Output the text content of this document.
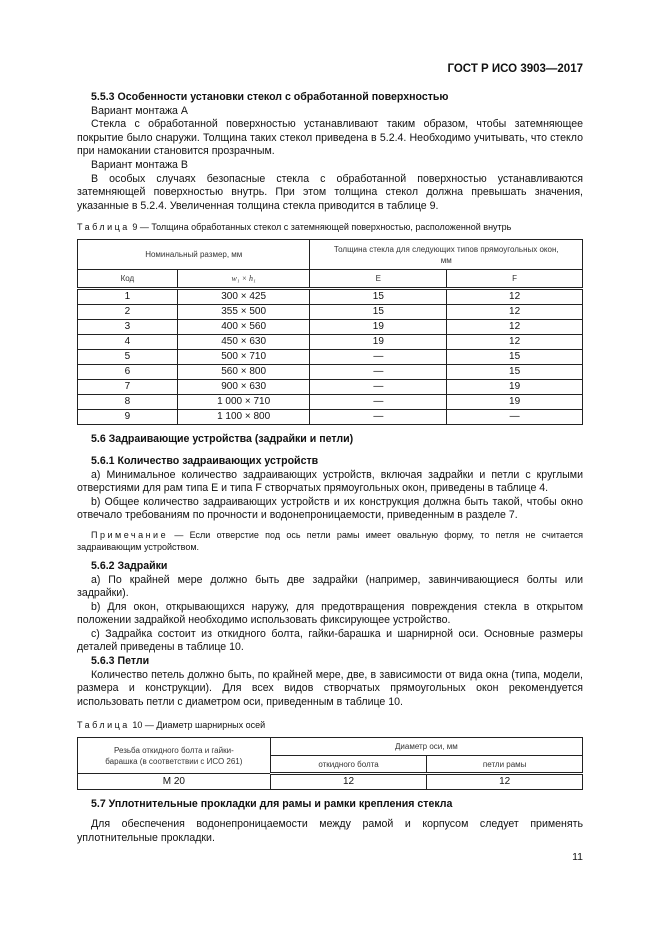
ГОСТ Р ИСО 3903—2017
5.5.3 Особенности установки стекол с обработанной поверхностью

Вариант монтажа А

Стекла с обработанной поверхностью устанавливают таким образом, чтобы затемняющее покрытие было снаружи. Толщина таких стекол приведена в 5.2.4. Необходимо учитывать, что стекло при намокании становится прозрачным.

Вариант монтажа В

В особых случаях безопасные стекла с обработанной поверхностью устанавливаются затемняющей поверхностью внутрь. При этом толщина стекол должна превышать значения, указанные в 5.2.4. Увеличенная толщина стекла приводится в таблице 9.

Таблица 9 — Толщина обработанных стекол с затемняющей поверхностью, расположенной внутрь
Номинальный размер, мм		Толщина стекла для следующих типов прямоугольных окон, мм	
Код	w₁ × h₁	E	F
1	300 × 425	15	12
2	355 × 500	15	12
3	400 × 560	19	12
4	450 × 630	19	12
5	500 × 710	—	15
6	560 × 800	—	15
7	900 × 630	—	19
8	1 000 × 710	—	19
9	1 100 × 800	—	—
5.6 Задраивающие устройства (задрайки и петли)
5.6.1 Количество задраивающих устройств

a) Минимальное количество задраивающих устройств, включая задрайки и петли с круглыми отверстиями для рам типа E и типа F створчатых прямоугольных окон, приведены в таблице 4.

b) Общее количество задраивающих устройств и их конструкция должна быть такой, чтобы окно отвечало требованиям по прочности и водонепроницаемости, приведенным в разделе 7.

Примечание — Если отверстие под ось петли рамы имеет овальную форму, то петля не считается задраивающим устройством.
5.6.2 Задрайки

a) По крайней мере должно быть две задрайки (например, завинчивающиеся болты или задрайки).

b) Для окон, открывающихся наружу, для предотвращения повреждения стекла в открытом положении задрайкой необходимо использовать фиксирующее устройство.

c) Задрайка состоит из откидного болта, гайки-барашка и шарнирной оси. Основные размеры деталей приведены в таблице 10.

5.6.3 Петли

Количество петель должно быть, по крайней мере, две, в зависимости от вида окна (типа, модели, размера и конструкции). Для всех видов створчатых прямоугольных окон рекомендуется использовать петли с диаметром оси, приведенным в таблице 10.

Таблица 10 — Диаметр шарнирных осей
Резьба откидного болта и гайки-барашка (в соответствии с ИСО 261)	Диаметр оси, мм	
	откидного болта	петли рамы
M 20	12	12
5.7 Уплотнительные прокладки для рамы и рамки крепления стекла

Для обеспечения водонепроницаемости между рамой и корпусом следует применять уплотнительные прокладки.

11
